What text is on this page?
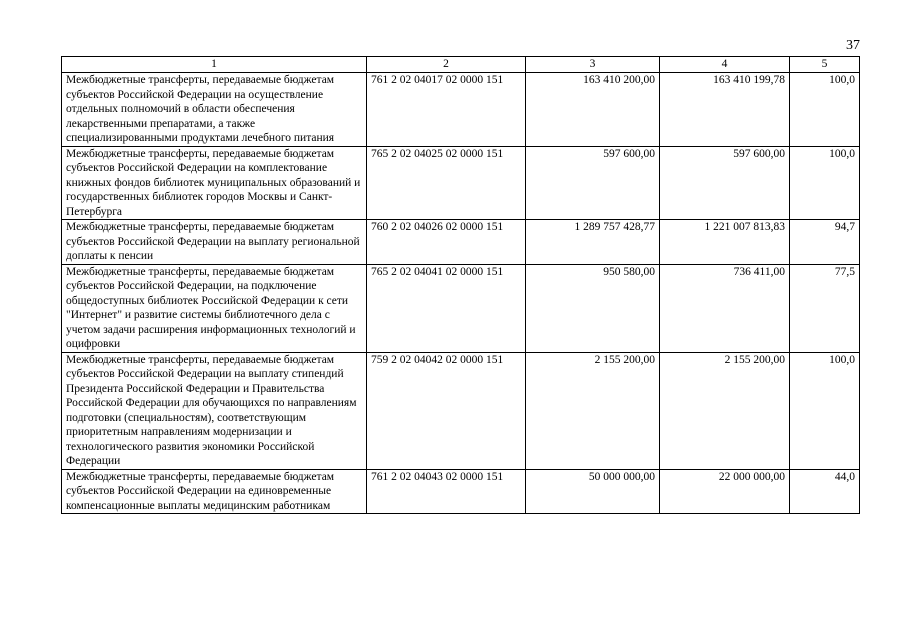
37
1	2	3	4	5
Межбюджетные трансферты, передаваемые бюджетам субъектов Российской Федерации на осуществление отдельных полномочий в области обеспечения лекарственными препаратами, а также специализированными продуктами лечебного питания	761 2 02 04017 02 0000 151	163 410 200,00	163 410 199,78	100,0
Межбюджетные трансферты, передаваемые бюджетам субъектов Российской Федерации на комплектование книжных фондов библиотек муниципальных образований и государственных библиотек городов Москвы и Санкт-Петербурга	765 2 02 04025 02 0000 151	597 600,00	597 600,00	100,0
Межбюджетные трансферты, передаваемые бюджетам субъектов Российской Федерации на выплату региональной доплаты к пенсии	760 2 02 04026 02 0000 151	1 289 757 428,77	1 221 007 813,83	94,7
Межбюджетные трансферты, передаваемые бюджетам субъектов Российской Федерации, на подключение общедоступных библиотек Российской Федерации к сети "Интернет" и развитие системы библиотечного дела с учетом задачи расширения информационных технологий и оцифровки	765 2 02 04041 02 0000 151	950 580,00	736 411,00	77,5
Межбюджетные трансферты, передаваемые бюджетам субъектов Российской Федерации на выплату стипендий Президента Российской Федерации и Правительства Российской Федерации для обучающихся по направлениям подготовки (специальностям), соответствующим приоритетным направлениям модернизации и технологического развития экономики Российской Федерации	759 2 02 04042 02 0000 151	2 155 200,00	2 155 200,00	100,0
Межбюджетные трансферты, передаваемые бюджетам субъектов Российской Федерации на единовременные компенсационные выплаты медицинским работникам	761 2 02 04043 02 0000 151	50 000 000,00	22 000 000,00	44,0
